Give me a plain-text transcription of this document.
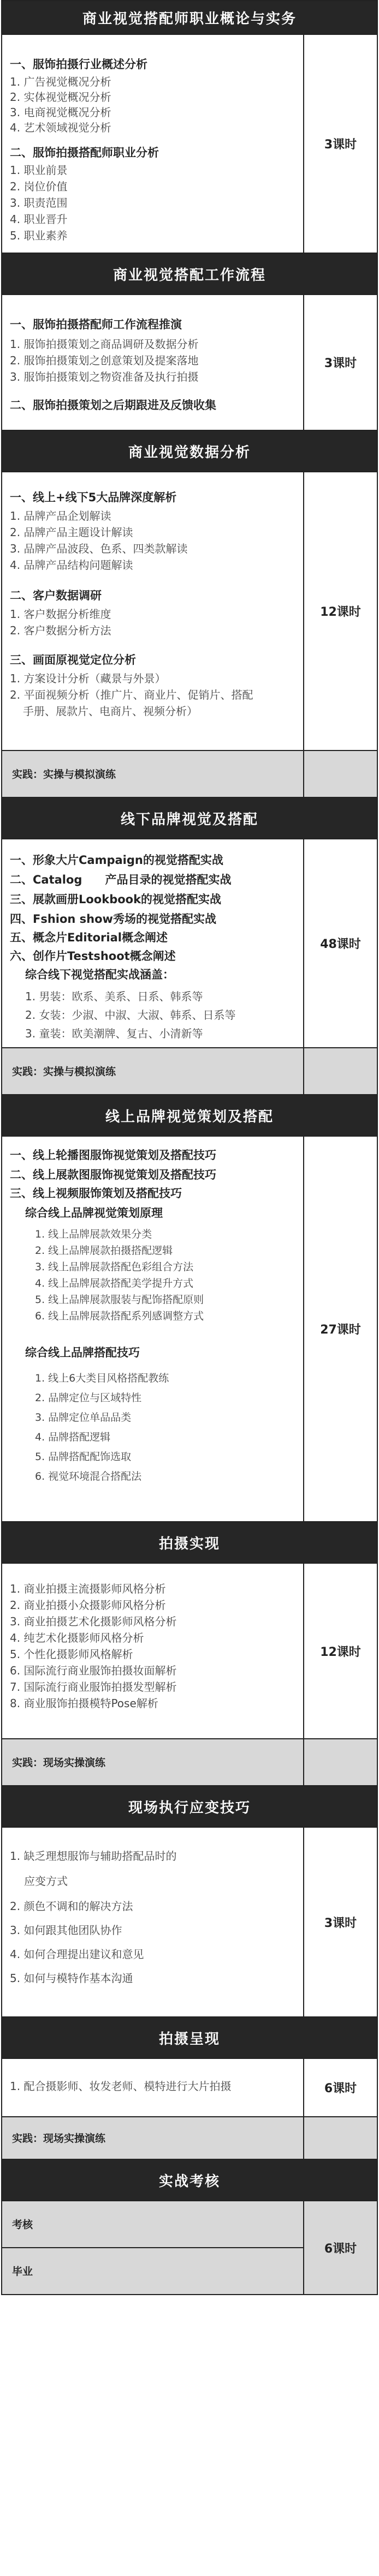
商业视觉搭配师职业概论与实务
一、服饰拍摄行业概述分析
1. 广告视觉概况分析
2. 实体视觉概况分析
3. 电商视觉概况分析
4. 艺术领域视觉分析
二、服饰拍摄搭配师职业分析
1. 职业前景
2. 岗位价值
3. 职责范围
4. 职业晋升
5. 职业素养
3课时
商业视觉搭配工作流程
一、服饰拍摄搭配师工作流程推演
1. 服饰拍摄策划之商品调研及数据分析
2. 服饰拍摄策划之创意策划及提案落地
3. 服饰拍摄策划之物资准备及执行拍摄
二、服饰拍摄策划之后期跟进及反馈收集
3课时
商业视觉数据分析
一、线上+线下5大品牌深度解析
1. 品牌产品企划解读
2. 品牌产品主题设计解读
3. 品牌产品波段、色系、四类款解读
4. 品牌产品结构问题解读
二、客户数据调研
1. 客户数据分析维度
2. 客户数据分析方法
三、画面原视觉定位分析
1. 方案设计分析（藏景与外景）
2. 平面视频分析（推广片、商业片、促销片、搭配
手册、展款片、电商片、视频分析）
12课时
实践：实操与模拟演练
线下品牌视觉及搭配
一、形象大片Campaign的视觉搭配实战
二、Catalog　　产品目录的视觉搭配实战
三、展款画册Lookbook的视觉搭配实战
四、Fshion show秀场的视觉搭配实战
五、概念片Editorial概念阐述
六、创作片Testshoot概念阐述
综合线下视觉搭配实战涵盖：
1. 男装：欧系、美系、日系、韩系等
2. 女装：少淑、中淑、大淑、韩系、日系等
3. 童装：欧美潮牌、复古、小清新等
48课时
实践：实操与模拟演练
线上品牌视觉策划及搭配
一、线上轮播图服饰视觉策划及搭配技巧
二、线上展款图服饰视觉策划及搭配技巧
三、线上视频服饰策划及搭配技巧
综合线上品牌视觉策划原理
1. 线上品牌展款效果分类
2. 线上品牌展款拍摄搭配逻辑
3. 线上品牌展款搭配色彩组合方法
4. 线上品牌展款搭配美学提升方式
5. 线上品牌展款服装与配饰搭配原则
6. 线上品牌展款搭配系列感调整方式
综合线上品牌搭配技巧
1. 线上6大类目风格搭配教练
2. 品牌定位与区域特性
3. 品牌定位单品品类
4. 品牌搭配逻辑
5. 品牌搭配配饰选取
6. 视觉环境混合搭配法
27课时
拍摄实现
1. 商业拍摄主流摄影师风格分析
2. 商业拍摄小众摄影师风格分析
3. 商业拍摄艺术化摄影师风格分析
4. 纯艺术化摄影师风格分析
5. 个性化摄影师风格解析
6. 国际流行商业服饰拍摄妆面解析
7. 国际流行商业服饰拍摄发型解析
8. 商业服饰拍摄模特Pose解析
12课时
实践：现场实操演练
现场执行应变技巧
1. 缺乏理想服饰与辅助搭配品时的
应变方式
2. 颜色不调和的解决方法
3. 如何跟其他团队协作
4. 如何合理提出建议和意见
5. 如何与模特作基本沟通
3课时
拍摄呈现
1. 配合摄影师、妆发老师、模特进行大片拍摄	6课时
实践：现场实操演练
实战考核
考核
毕业
6课时
